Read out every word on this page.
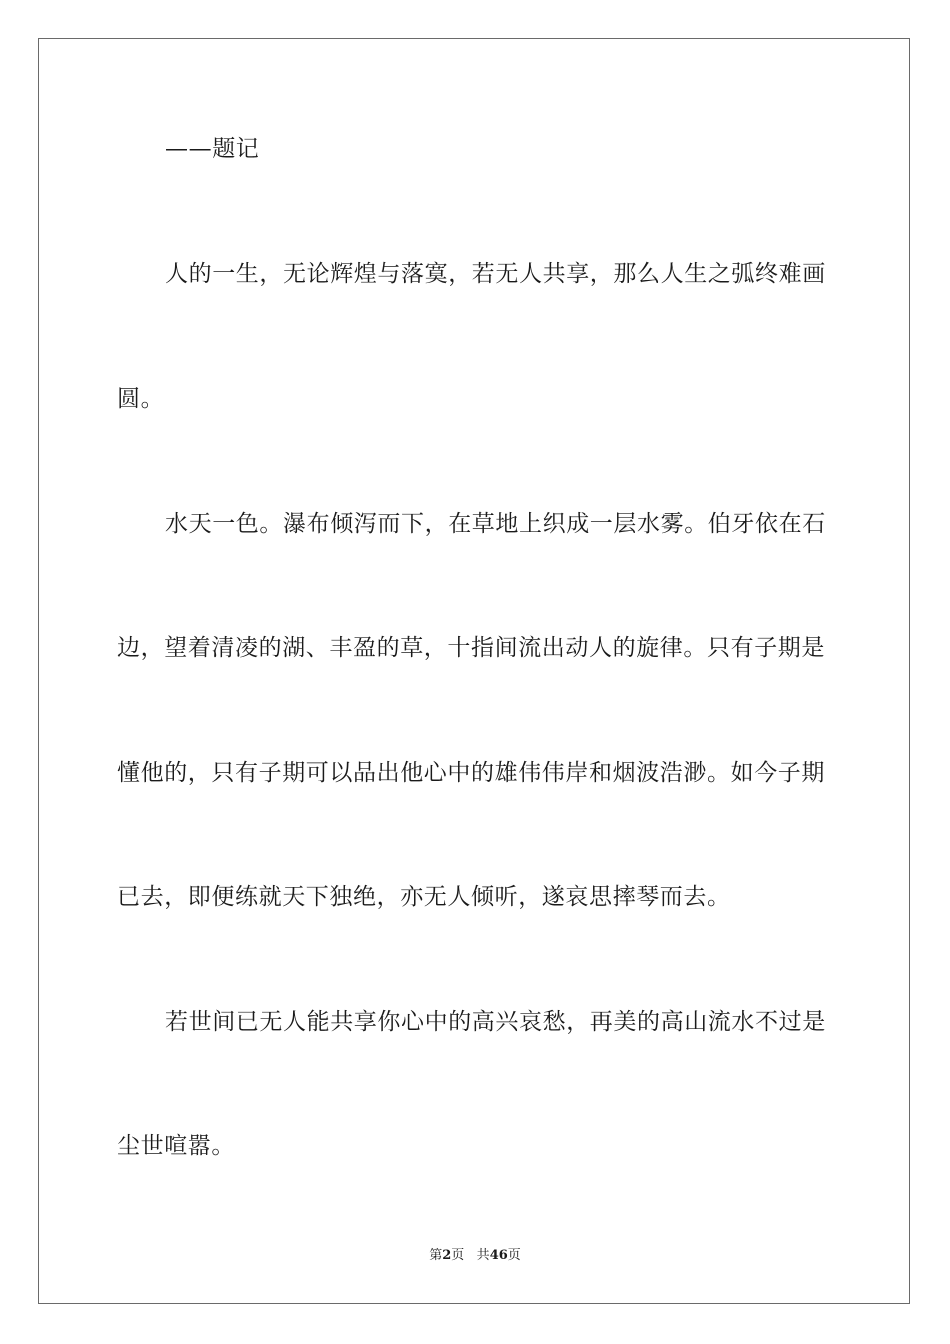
——题记
人的一生，无论辉煌与落寞，若无人共享，那么人生之弧终难画
圆。
水天一色。瀑布倾泻而下，在草地上织成一层水雾。伯牙依在石
边，望着清凌的湖、丰盈的草，十指间流出动人的旋律。只有子期是
懂他的，只有子期可以品出他心中的雄伟伟岸和烟波浩渺。如今子期
已去，即便练就天下独绝，亦无人倾听，遂哀思摔琴而去。
若世间已无人能共享你心中的高兴哀愁，再美的高山流水不过是
尘世喧嚣。
第2页 共46页
